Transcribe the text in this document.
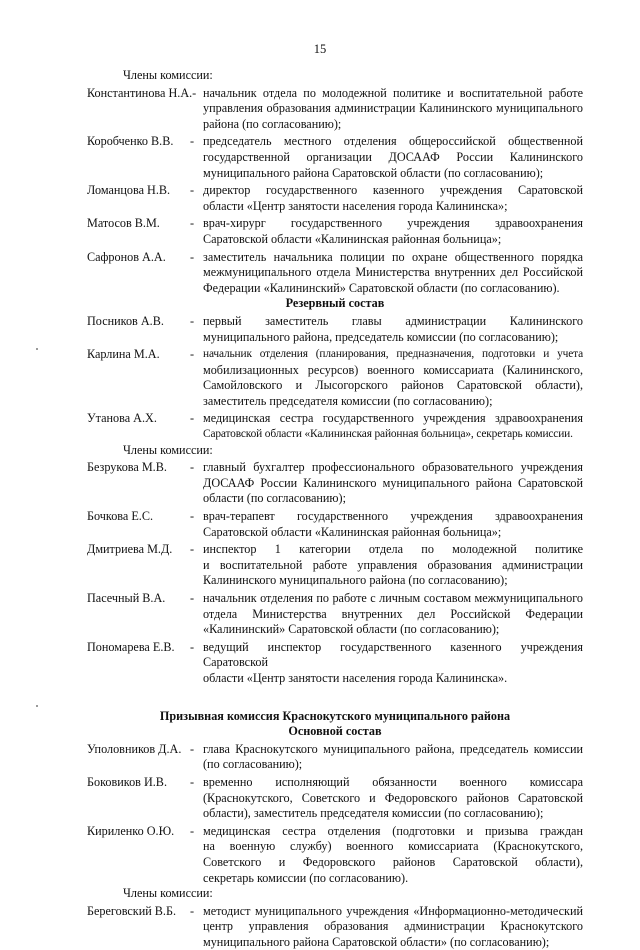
15
Члены комиссии:
Константинова Н.А.- начальник отдела по молодежной политике и воспитательной работе
управления образования администрации Калининского муниципального
района (по согласованию);
Коробченко В.В.	- председатель местного отделения общероссийской общественной
государственной организации ДОСААФ России Калининского
муниципального района Саратовской области (по согласованию);
Ломанцова Н.В.	- директор государственного казенного учреждения Саратовской
области «Центр занятости населения города Калининска»;
Матосов В.М.	- врач-хирург государственного учреждения здравоохранения
Саратовской области «Калининская районная больница»;
Сафронов А.А.	- заместитель начальника полиции по охране общественного порядка
межмуниципального отдела Министерства внутренних дел Российской
Федерации «Калининский» Саратовской области (по согласованию).
Резервный состав
Посников А.В.	- первый заместитель главы администрации Калининского
муниципального района, председатель комиссии (по согласованию);
Карлина М.А.	- начальник отделения (планирования, предназначения, подготовки и учета
мобилизационных ресурсов) военного комиссариата (Калининского,
Самойловского и Лысогорского районов Саратовской области),
заместитель председателя комиссии (по согласованию);
Утанова А.Х.	- медицинская сестра государственного учреждения здравоохранения
Саратовской области «Калининская районная больница», секретарь комиссии.
Члены комиссии:
Безрукова М.В.	- главный бухгалтер профессионального образовательного учреждения
ДОСААФ России Калининского муниципального района Саратовской
области (по согласованию);
Бочкова Е.С.	- врач-терапевт государственного учреждения здравоохранения
Саратовской области «Калининская районная больница»;
Дмитриева М.Д.	- инспектор 1 категории отдела по молодежной политике
и воспитательной работе управления образования администрации
Калининского муниципального района (по согласованию);
Пасечный В.А.	- начальник отделения по работе с личным составом межмуниципального
отдела Министерства внутренних дел Российской Федерации
«Калининский» Саратовской области (по согласованию);
Пономарева Е.В.	- ведущий инспектор государственного казенного учреждения Саратовской
области «Центр занятости населения города Калининска».
Призывная комиссия Краснокутского муниципального района
Основной состав
Уполовников Д.А. - глава Краснокутского муниципального района, председатель комиссии
(по согласованию);
Боковиков И.В.	- временно исполняющий обязанности военного комиссара
(Краснокутского, Советского и Федоровского районов Саратовской
области), заместитель председателя комиссии (по согласованию);
Кириленко О.Ю.	- медицинская сестра отделения (подготовки и призыва граждан
на военную службу) военного комиссариата (Краснокутского,
Советского и Федоровского районов Саратовской области),
секретарь комиссии (по согласованию).
Члены комиссии:
Береговский В.Б.	- методист муниципального учреждения «Информационно-методический
центр управления образования администрации Краснокутского
муниципального района Саратовской области» (по согласованию);
